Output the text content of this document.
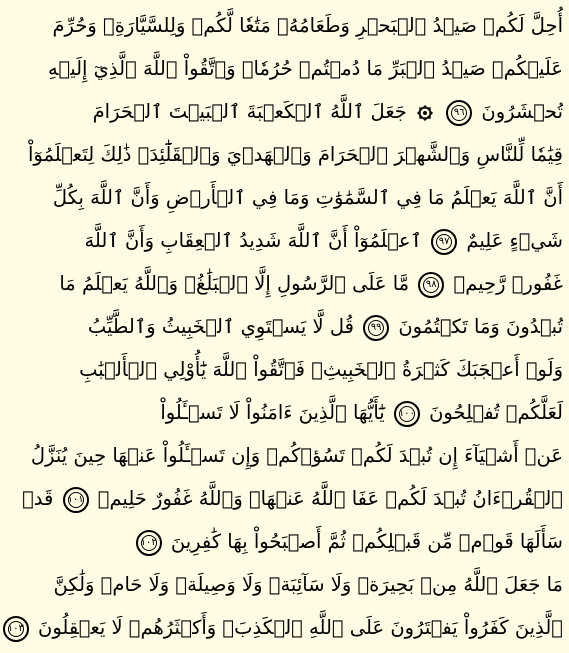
أُحِلَّ لَكُمۡ صَيۡدُ ٱلۡبَحۡرِ وَطَعَامُهُۥ مَتَٰعٗا لَّكُمۡ وَلِلسَّيَّارَةِۖ وَحُرِّمَ
عَلَيۡكُمۡ صَيۡدُ ٱلۡبَرِّ مَا دُمۡتُمۡ حُرُمٗاۗ وَٱتَّقُواْ ٱللَّهَ ٱلَّذِيٓ إِلَيۡهِ
تُحۡشَرُونَ ٩٦  جَعَلَ ٱللَّهُ ٱلۡكَعۡبَةَ ٱلۡبَيۡتَ ٱلۡحَرَامَ
قِيَٰمٗا لِّلنَّاسِ وَٱلشَّهۡرَ ٱلۡحَرَامَ وَٱلۡهَدۡيَ وَٱلۡقَلَٰٓئِدَۚ ذَٰلِكَ لِتَعۡلَمُوٓاْ
أَنَّ ٱللَّهَ يَعۡلَمُ مَا فِي ٱلسَّمَٰوَٰتِ وَمَا فِي ٱلۡأَرۡضِ وَأَنَّ ٱللَّهَ بِكُلِّ
شَيۡءٍ عَلِيمٌ ٩٧ ٱعۡلَمُوٓاْ أَنَّ ٱللَّهَ شَدِيدُ ٱلۡعِقَابِ وَأَنَّ ٱللَّهَ
غَفُورٞ رَّحِيمٞ ٩٨ مَّا عَلَى ٱلرَّسُولِ إِلَّا ٱلۡبَلَٰغُۗ وَٱللَّهُ يَعۡلَمُ مَا
تُبۡدُونَ وَمَا تَكۡتُمُونَ ٩٩ قُل لَّا يَسۡتَوِي ٱلۡخَبِيثُ وَٱلطَّيِّبُ
وَلَوۡ أَعۡجَبَكَ كَثۡرَةُ ٱلۡخَبِيثِۚ فَٱتَّقُواْ ٱللَّهَ يَٰٓأُوْلِي ٱلۡأَلۡبَٰبِ
لَعَلَّكُمۡ تُفۡلِحُونَ ١٠٠ يَٰٓأَيُّهَا ٱلَّذِينَ ءَامَنُواْ لَا تَسۡـَٔلُواْ
عَنۡ أَشۡيَآءَ إِن تُبۡدَ لَكُمۡ تَسُؤۡكُمۡ وَإِن تَسۡـَٔلُواْ عَنۡهَا حِينَ يُنَزَّلُ
ٱلۡقُرۡءَانُ تُبۡدَ لَكُمۡ عَفَا ٱللَّهُ عَنۡهَاۗ وَٱللَّهُ غَفُورٌ حَلِيمٞ ١٠١ قَدۡ
سَأَلَهَا قَوۡمٞ مِّن قَبۡلِكُمۡ ثُمَّ أَصۡبَحُواْ بِهَا كَٰفِرِينَ ١٠٢
مَا جَعَلَ ٱللَّهُ مِنۢ بَحِيرَةٖ وَلَا سَآئِبَةٖ وَلَا وَصِيلَةٖ وَلَا حَامٖ وَلَٰكِنَّ
ٱلَّذِينَ كَفَرُواْ يَفۡتَرُونَ عَلَى ٱللَّهِ ٱلۡكَذِبَۖ وَأَكۡثَرُهُمۡ لَا يَعۡقِلُونَ ١٠٣
